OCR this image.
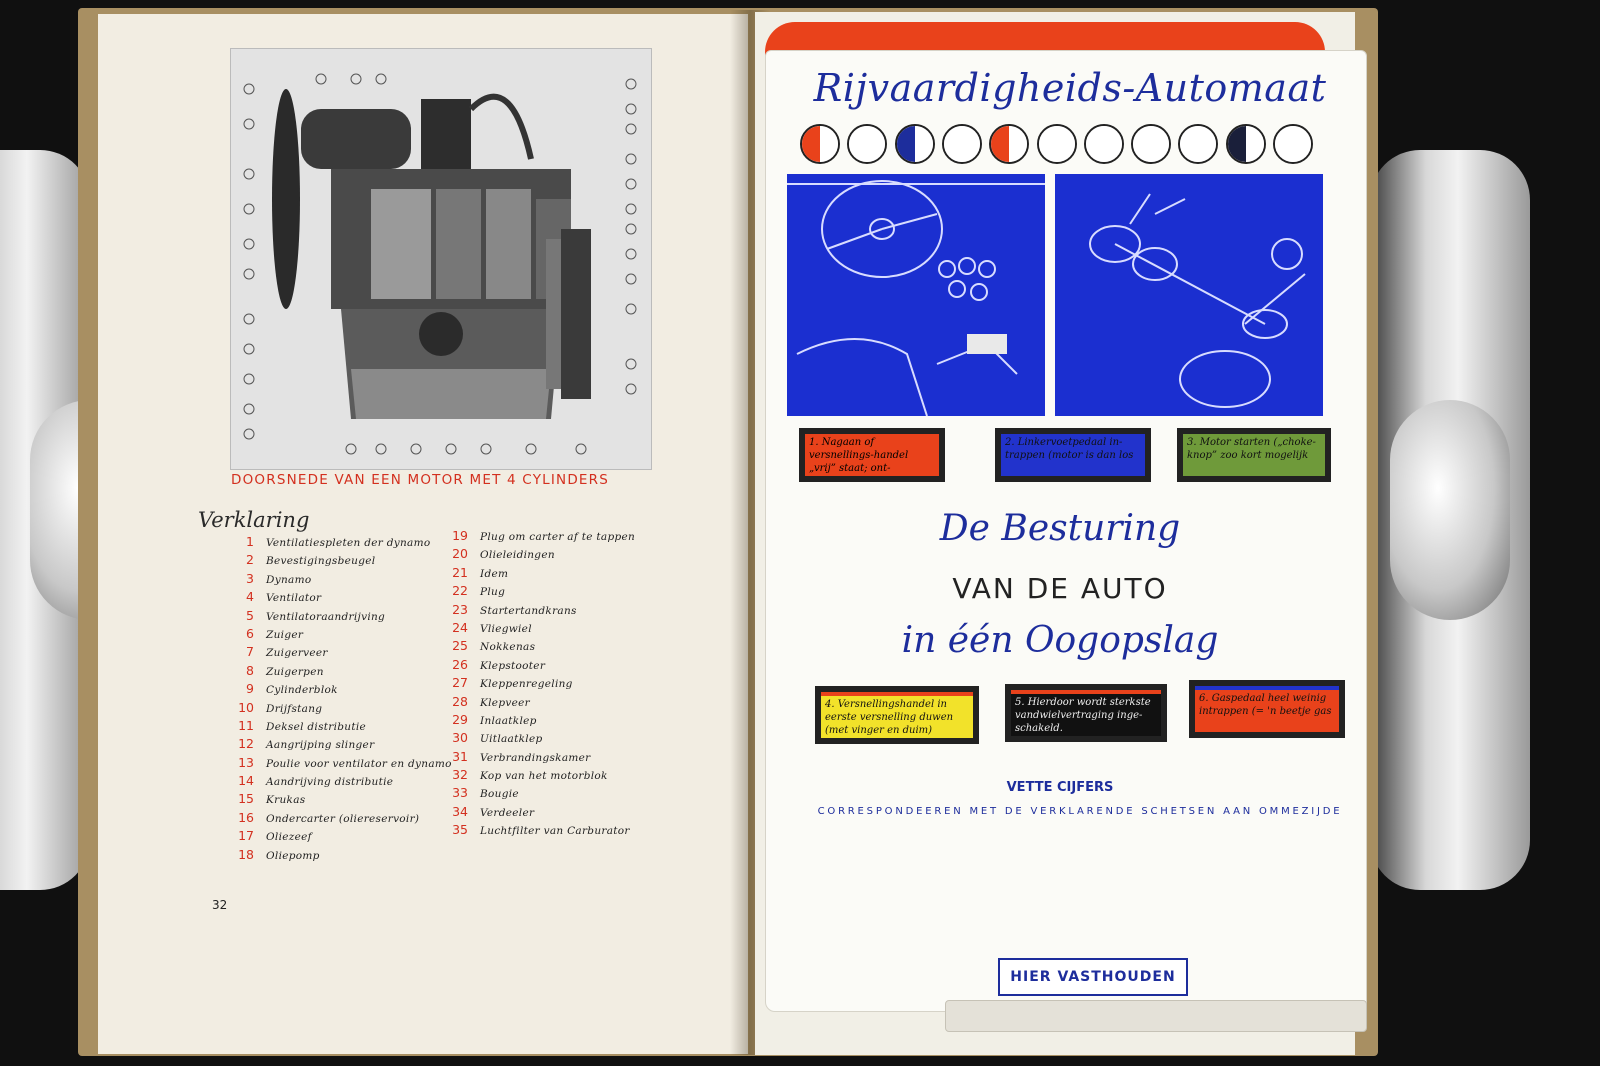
DOORSNEDE VAN EEN MOTOR MET 4 CYLINDERS
Verklaring
1 Ventilatiespleten der dynamo
2 Bevestigingsbeugel
3 Dynamo
4 Ventilator
5 Ventilatoraandrijving
6 Zuiger
7 Zuigerveer
8 Zuigerpen
9 Cylinderblok
10 Drijfstang
11 Deksel distributie
12 Aangrijping slinger
13 Poulie voor ventilator en dynamo
14 Aandrijving distributie
15 Krukas
16 Ondercarter (oliereservoir)
17 Oliezeef
18 Oliepomp
19 Plug om carter af te tappen
20 Olieleidingen
21 Idem
22 Plug
23 Startertandkrans
24 Vliegwiel
25 Nokkenas
26 Klepstooter
27 Kleppenregeling
28 Klepveer
29 Inlaatklep
30 Uitlaatklep
31 Verbrandingskamer
32 Kop van het motorblok
33 Bougie
34 Verdeeler
35 Luchtfilter van Carburator
32
Rijvaardigheids-Automaat
1. Nagaan of versnellings-handel „vrij” staat; ont-
2. Linkervoetpedaal in-trappen (motor is dan los
3. Motor starten („choke-knop” zoo kort mogelijk
De Besturing
VAN DE AUTO
in één Oogopslag
4. Versnellingshandel in eerste versnelling duwen (met vinger en duim)
5. Hierdoor wordt sterkste vandwielvertraging inge-schakeld.
6. Gaspedaal heel weinig intrappen (= 'n beetje gas
VETTE CIJFERS
CORRESPONDEEREN MET DE VERKLARENDE SCHETSEN AAN OMMEZIJDE
HIER VASTHOUDEN
